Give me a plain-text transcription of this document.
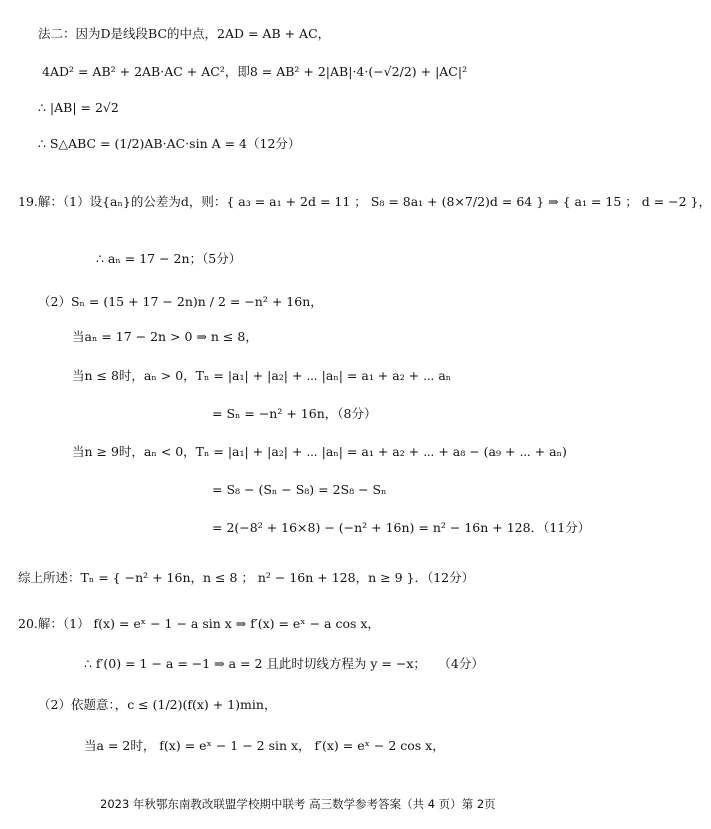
法二：因为D是线段BC的中点，2AD = AB + AC，
4AD² = AB² + 2AB·AC + AC²，即8 = AB² + 2|AB|·4·(−√2/2) + |AC|²
∴ |AB| = 2√2
∴ S△ABC = (1/2)AB·AC·sin A = 4（12分）
19.解：（1）设{aₙ}的公差为d，则：{ a₃ = a₁ + 2d = 11 ； S₈ = 8a₁ + (8×7/2)d = 64 } ⇒ { a₁ = 15 ； d = −2 }，
∴ aₙ = 17 − 2n；（5分）
（2）Sₙ = (15 + 17 − 2n)n / 2 = −n² + 16n，
当aₙ = 17 − 2n > 0 ⇒ n ≤ 8，
当n ≤ 8时，aₙ > 0，Tₙ = |a₁| + |a₂| + ⋯ |aₙ| = a₁ + a₂ + ⋯ aₙ
= Sₙ = −n² + 16n，（8分）
当n ≥ 9时，aₙ < 0，Tₙ = |a₁| + |a₂| + ⋯ |aₙ| = a₁ + a₂ + ⋯ + a₈ − (a₉ + ⋯ + aₙ)
= S₈ − (Sₙ − S₈) = 2S₈ − Sₙ
= 2(−8² + 16×8) − (−n² + 16n) = n² − 16n + 128．（11分）
综上所述：Tₙ = { −n² + 16n，n ≤ 8 ； n² − 16n + 128，n ≥ 9 }．（12分）
20.解：（1） f(x) = eˣ − 1 − a sin x ⇒ f′(x) = eˣ − a cos x，
∴ f′(0) = 1 − a = −1 ⇒ a = 2 且此时切线方程为 y = −x；　　（4分）
（2）依题意：，c ≤ (1/2)(f(x) + 1)min，
当a = 2时， f(x) = eˣ − 1 − 2 sin x， f′(x) = eˣ − 2 cos x，
2023 年秋鄂东南教改联盟学校期中联考 高三数学参考答案（共 4 页）第 2页
